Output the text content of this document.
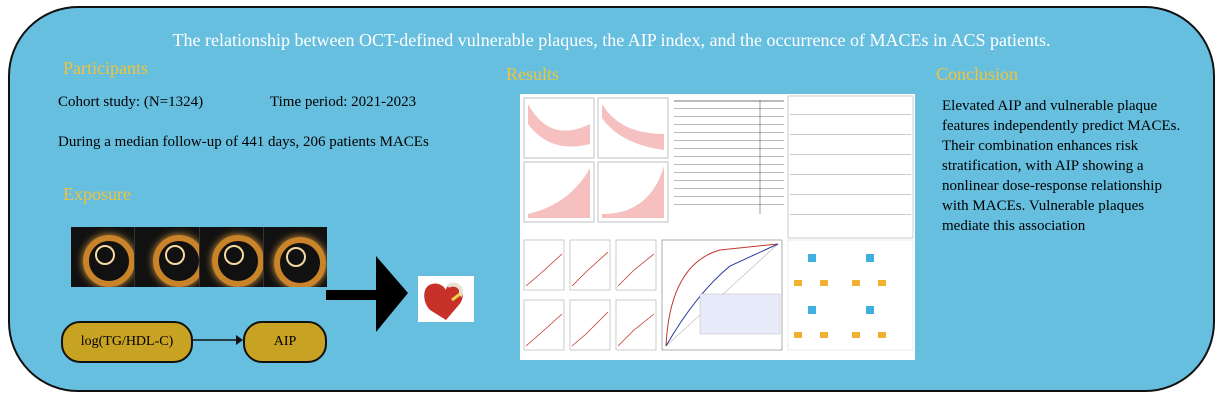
The relationship between OCT-defined vulnerable plaques, the AIP index, and the occurrence of MACEs in ACS patients.
Participants
Cohort study: (N=1324)	Time period: 2021-2023
During a median follow-up of 441 days, 206 patients MACEs
Exposure
log(TG/HDL-C)	AIP
Results	Conclusion
Elevated AIP and vulnerable plaque features independently predict MACEs. Their combination enhances risk stratification, with AIP showing a nonlinear dose-response relationship with MACEs. Vulnerable plaques mediate this association
